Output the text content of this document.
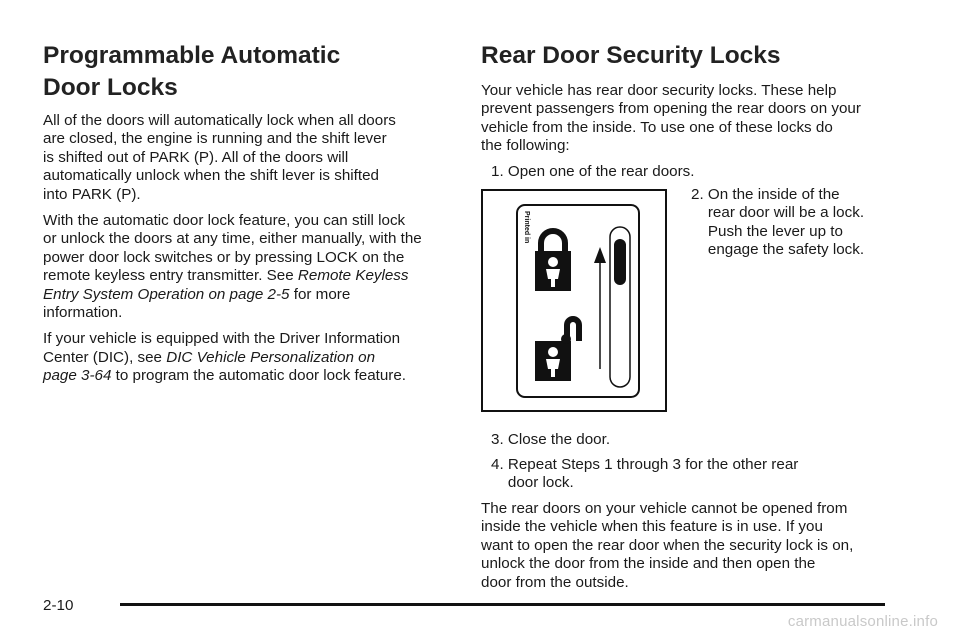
Programmable Automatic
Door Locks

All of the doors will automatically lock when all doors
are closed, the engine is running and the shift lever
is shifted out of PARK (P). All of the doors will
automatically unlock when the shift lever is shifted
into PARK (P).

With the automatic door lock feature, you can still lock
or unlock the doors at any time, either manually, with the
power door lock switches or by pressing LOCK on the
remote keyless entry transmitter. See Remote Keyless
Entry System Operation on page 2-5 for more
information.

If your vehicle is equipped with the Driver Information
Center (DIC), see DIC Vehicle Personalization on
page 3-64 to program the automatic door lock feature.

Rear Door Security Locks

Your vehicle has rear door security locks. These help
prevent passengers from opening the rear doors on your
vehicle from the inside. To use one of these locks do
the following:

1. Open one of the rear doors.
2. On the inside of the
rear door will be a lock.
Push the lever up to
engage the safety lock.
Printed in
3. Close the door.
4. Repeat Steps 1 through 3 for the other rear
door lock.
The rear doors on your vehicle cannot be opened from
inside the vehicle when this feature is in use. If you
want to open the rear door when the security lock is on,
unlock the door from the inside and then open the
door from the outside.
2-10
carmanualsonline.info
